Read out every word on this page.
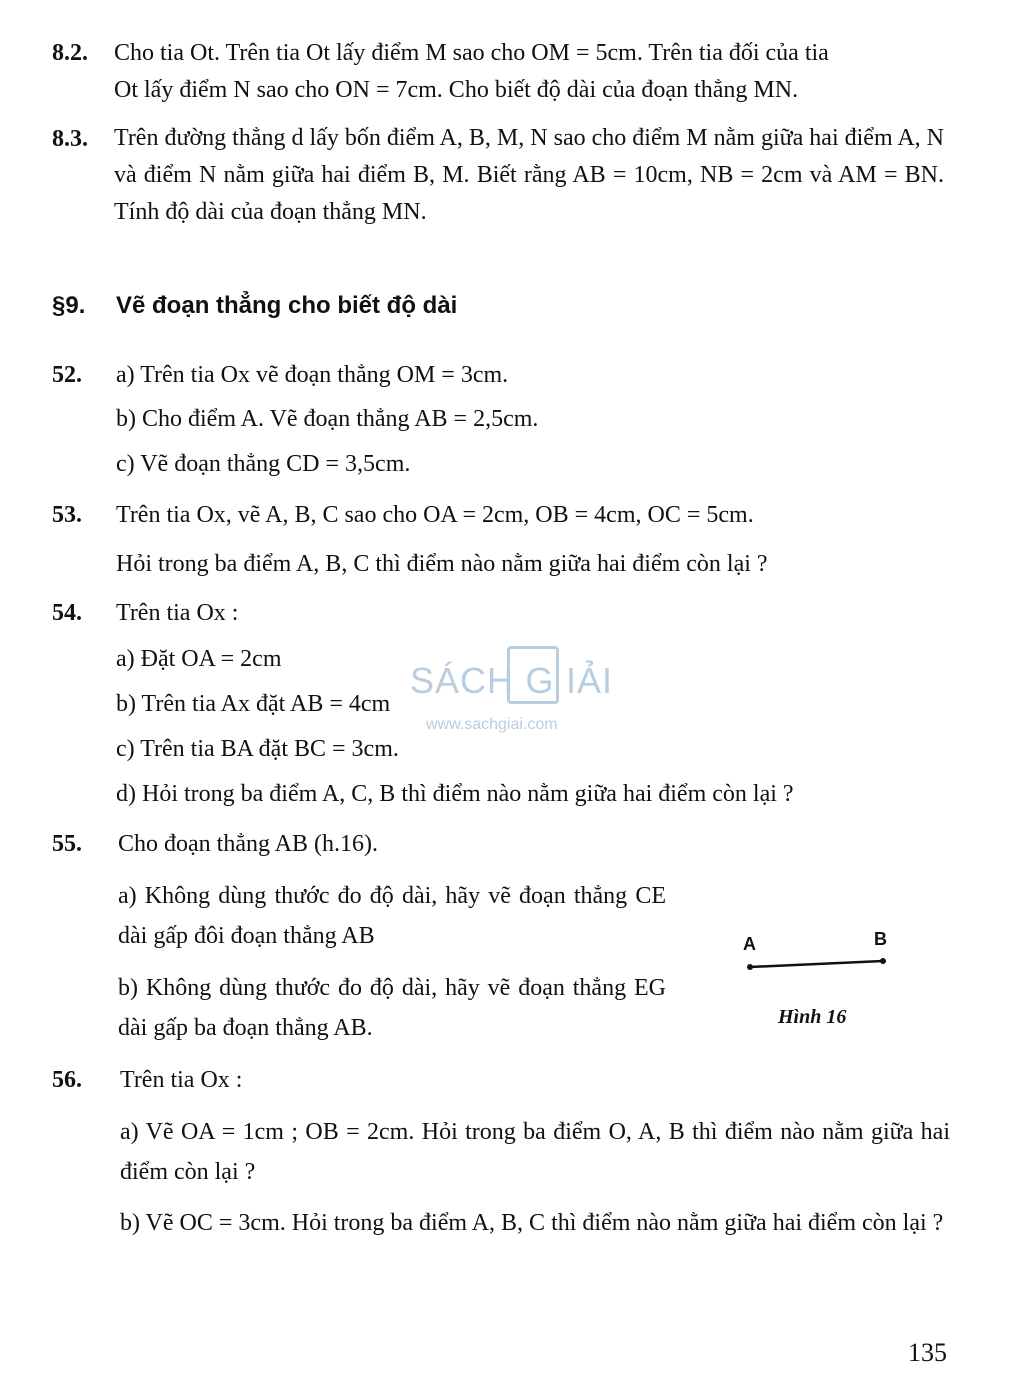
8.2. Cho tia Ot. Trên tia Ot lấy điểm M sao cho OM = 5cm. Trên tia đối của tia
Ot lấy điểm N sao cho ON = 7cm. Cho biết độ dài của đoạn thẳng MN.
8.3. Trên đường thẳng d lấy bốn điểm A, B, M, N sao cho điểm M nằm giữa hai điểm A, N và điểm N nằm giữa hai điểm B, M. Biết rằng AB = 10cm, NB = 2cm và AM = BN. Tính độ dài của đoạn thẳng MN.
§9. Vẽ đoạn thẳng cho biết độ dài
52. a) Trên tia Ox vẽ đoạn thẳng OM = 3cm.
b) Cho điểm A. Vẽ đoạn thẳng AB = 2,5cm.
c) Vẽ đoạn thẳng CD = 3,5cm.
53. Trên tia Ox, vẽ A, B, C sao cho OA = 2cm, OB = 4cm, OC = 5cm.
Hỏi trong ba điểm A, B, C thì điểm nào nằm giữa hai điểm còn lại ?
54. Trên tia Ox :
a) Đặt OA = 2cm
b) Trên tia Ax đặt AB = 4cm
c) Trên tia BA đặt BC = 3cm.
d) Hỏi trong ba điểm A, C, B thì điểm nào nằm giữa hai điểm còn lại ?
SÁCH G IẢI
www.sachgiai.com
55. Cho đoạn thẳng AB (h.16).
a) Không dùng thước đo độ dài, hãy vẽ đoạn thẳng CE dài gấp đôi đoạn thẳng AB
b) Không dùng thước đo độ dài, hãy vẽ đoạn thẳng EG dài gấp ba đoạn thẳng AB.
A	B
Hình 16
56. Trên tia Ox :
a) Vẽ OA = 1cm ; OB = 2cm. Hỏi trong ba điểm O, A, B thì điểm nào nằm giữa hai điểm còn lại ?
b) Vẽ OC = 3cm. Hỏi trong ba điểm A, B, C thì điểm nào nằm giữa hai điểm còn lại ?
135
